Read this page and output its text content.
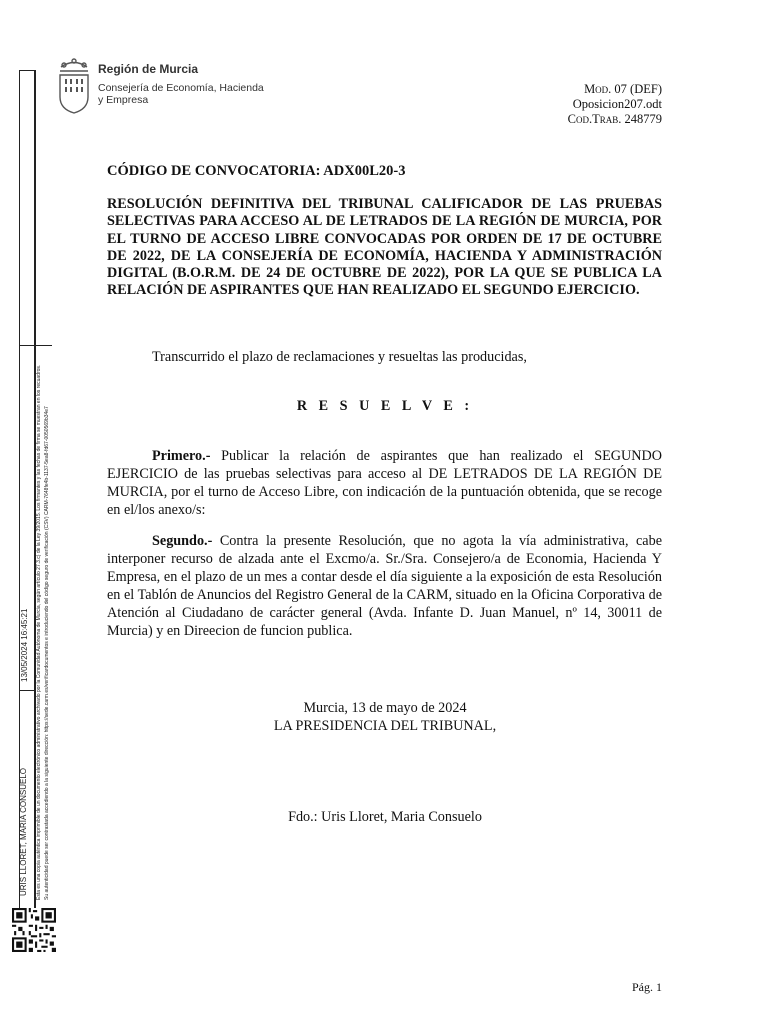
URIS LLORET, MARIA CONSUELO
13/05/2024 16:45:21 Esta es una copia auténtica imprimible de un documento electrónico administrativo archivado por la Comunidad Autónoma de Murcia, según artículo 27.3.c) de la Ley 39/2015. Los firmantes y las fechas de firma se muestran en los recuadros. Su autenticidad puede ser contrastada accediendo a la siguiente dirección: https://sede.carm.es/verificardocumentos e introduciendo del código seguro de verificación (CSV) CARM-7648fe4b-1137-5ea8-fd67-0050569b34e7
Región de Murcia
Consejería de Economía, Hacienda
y Empresa
Mod. 07 (DEF)
Oposicion207.odt
Cod.Trab. 248779
CÓDIGO DE CONVOCATORIA: ADX00L20-3
RESOLUCIÓN DEFINITIVA DEL TRIBUNAL CALIFICADOR DE LAS PRUEBAS SELECTIVAS PARA ACCESO AL DE LETRADOS DE LA REGIÓN DE MURCIA, POR EL TURNO DE ACCESO LIBRE CONVOCADAS POR ORDEN DE 17 DE OCTUBRE DE 2022, DE LA CONSEJERÍA DE ECONOMÍA, HACIENDA Y ADMINISTRACIÓN DIGITAL (B.O.R.M. DE 24 DE OCTUBRE DE 2022), POR LA QUE SE PUBLICA LA RELACIÓN DE ASPIRANTES QUE HAN REALIZADO EL SEGUNDO EJERCICIO.
Transcurrido el plazo de reclamaciones y resueltas las producidas,
R E S U E L V E :
Primero.- Publicar la relación de aspirantes que han realizado el SEGUNDO EJERCICIO de las pruebas selectivas para acceso al DE LETRADOS DE LA REGIÓN DE MURCIA, por el turno de Acceso Libre, con indicación de la puntuación obtenida, que se recoge en el/los anexo/s:
Segundo.- Contra la presente Resolución, que no agota la vía administrativa, cabe interponer recurso de alzada ante el Excmo/a. Sr./Sra. Consejero/a de Economia, Hacienda Y Empresa, en el plazo de un mes a contar desde el día siguiente a la exposición de esta Resolución en el Tablón de Anuncios del Registro General de la CARM, situado en la Oficina Corporativa de Atención al Ciudadano de carácter general (Avda. Infante D. Juan Manuel, nº 14, 30011 de Murcia) y en Direecion de funcion publica.
Murcia, 13 de mayo de 2024
LA PRESIDENCIA DEL TRIBUNAL,
Fdo.: Uris Lloret, Maria Consuelo
Pág. 1
